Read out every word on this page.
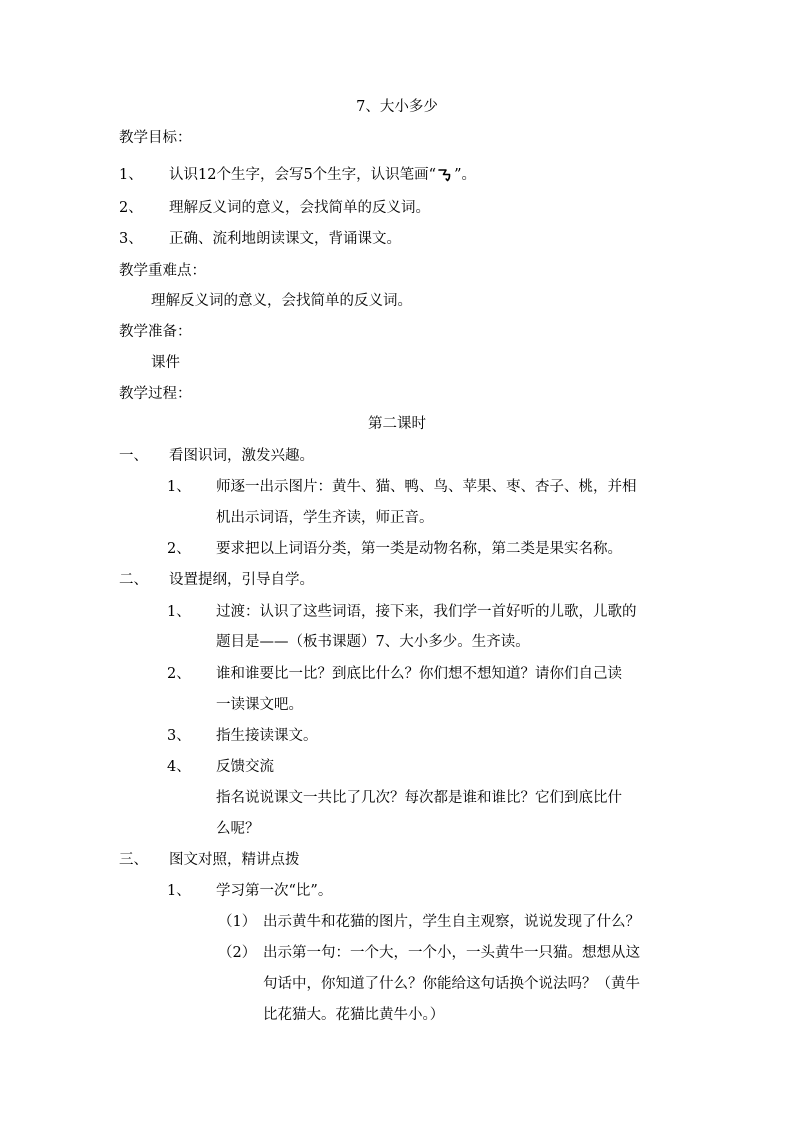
7、大小多少
教学目标：
1、 认识12个生字，会写5个生字，认识笔画“ ”。
2、 理解反义词的意义，会找简单的反义词。
3、 正确、流利地朗读课文，背诵课文。
教学重难点：
理解反义词的意义，会找简单的反义词。
教学准备：
课件
教学过程：
第二课时
一、 看图识词，激发兴趣。
1、 师逐一出示图片：黄牛、猫、鸭、鸟、苹果、枣、杏子、桃，并相
机出示词语，学生齐读，师正音。
2、 要求把以上词语分类，第一类是动物名称，第二类是果实名称。
二、 设置提纲，引导自学。
1、 过渡：认识了这些词语，接下来，我们学一首好听的儿歌，儿歌的
题目是——（板书课题）7、大小多少。生齐读。
2、 谁和谁要比一比？到底比什么？你们想不想知道？请你们自己读
一读课文吧。
3、 指生接读课文。
4、 反馈交流
指名说说课文一共比了几次？每次都是谁和谁比？它们到底比什
么呢？
三、 图文对照，精讲点拨
1、 学习第一次“比”。
（1） 出示黄牛和花猫的图片，学生自主观察，说说发现了什么？
（2） 出示第一句：一个大，一个小，一头黄牛一只猫。想想从这
句话中，你知道了什么？你能给这句话换个说法吗？（黄牛
比花猫大。花猫比黄牛小。）
